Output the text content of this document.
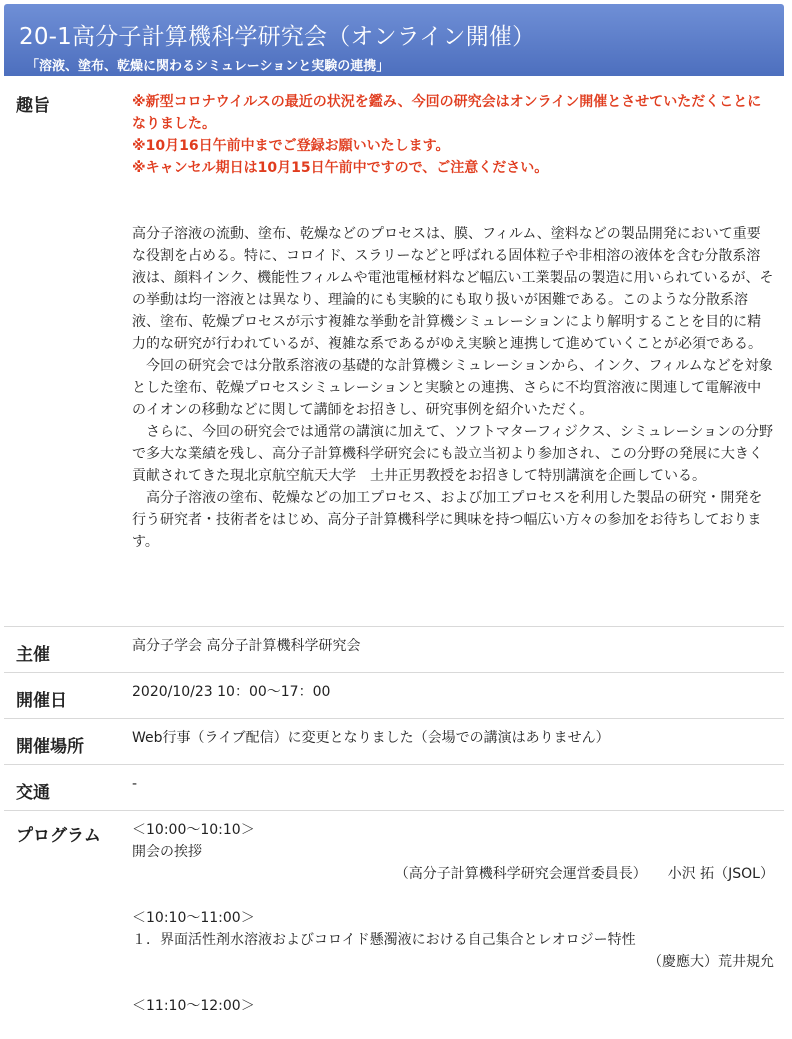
20-1高分子計算機科学研究会（オンライン開催）
「溶液、塗布、乾燥に関わるシミュレーションと実験の連携」
趣旨	※新型コロナウイルスの最近の状況を鑑み、今回の研究会はオンライン開催とさせていただくことになりました。
※10月16日午前中までご登録お願いいたします。
※キャンセル期日は10月15日午前中ですので、ご注意ください。

高分子溶液の流動、塗布、乾燥などのプロセスは、膜、フィルム、塗料などの製品開発において重要な役割を占める。特に、コロイド、スラリーなどと呼ばれる固体粒子や非相溶の液体を含む分散系溶液は、顔料インク、機能性フィルムや電池電極材料など幅広い工業製品の製造に用いられているが、その挙動は均一溶液とは異なり、理論的にも実験的にも取り扱いが困難である。このような分散系溶液、塗布、乾燥プロセスが示す複雑な挙動を計算機シミュレーションにより解明することを目的に精力的な研究が行われているが、複雑な系であるがゆえ実験と連携して進めていくことが必須である。

今回の研究会では分散系溶液の基礎的な計算機シミュレーションから、インク、フィルムなどを対象とした塗布、乾燥プロセスシミュレーションと実験との連携、さらに不均質溶液に関連して電解液中のイオンの移動などに関して講師をお招きし、研究事例を紹介いただく。

さらに、今回の研究会では通常の講演に加えて、ソフトマターフィジクス、シミュレーションの分野で多大な業績を残し、高分子計算機科学研究会にも設立当初より参加され、この分野の発展に大きく貢献されてきた現北京航空航天大学　土井正男教授をお招きして特別講演を企画している。

高分子溶液の塗布、乾燥などの加工プロセス、および加工プロセスを利用した製品の研究・開発を行う研究者・技術者をはじめ、高分子計算機科学に興味を持つ幅広い方々の参加をお待ちしております。

主催	高分子学会 高分子計算機科学研究会
開催日	2020/10/23 10：00〜17：00
開催場所	Web行事（ライブ配信）に変更となりました（会場での講演はありません）
交通	-
プログラム ＜10:00〜10:10＞
開会の挨拶
（高分子計算機科学研究会運営委員長）　　小沢 拓（JSOL）
＜10:10〜11:00＞
１．界面活性剤水溶液およびコロイド懸濁液における自己集合とレオロジー特性
（慶應大）荒井規允
＜11:10〜12:00＞
